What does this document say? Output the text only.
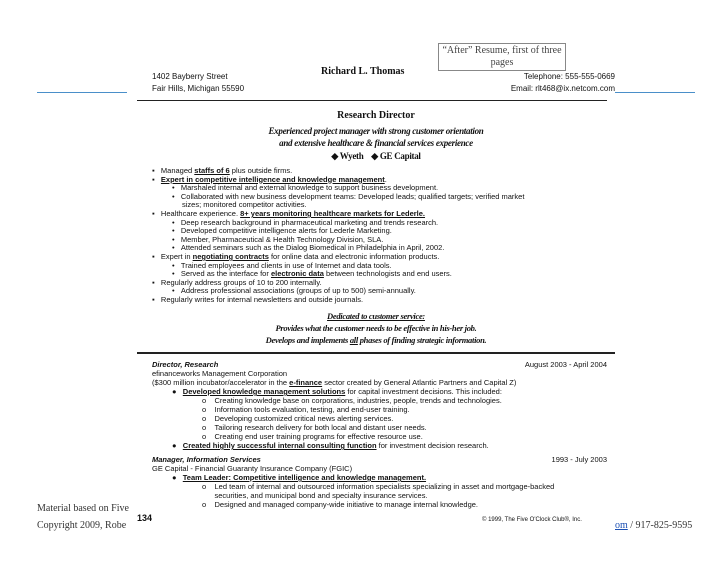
1402 Bayberry Street
Fair Hills, Michigan 55590
Richard L. Thomas	Telephone: 555-555-0669
Email: rlt468@ix.netcom.com
Research Director
Experienced project manager with strong customer orientation
and extensive healthcare & financial services experience
◆ Wyeth ◆ GE Capital
▪   Managed staffs of 6 plus outside firms.
▪   Expert in competitive intelligence and knowledge management.
•   Marshaled internal and external knowledge to support business development.
•   Collaborated with new business development teams: Developed leads; qualified targets; verified market
sizes; monitored competitor activities.
▪   Healthcare experience. 8+ years monitoring healthcare markets for Lederle.
•   Deep research background in pharmaceutical marketing and trends research.
•   Developed competitive intelligence alerts for Lederle Marketing.
•   Member, Pharmaceutical & Health Technology Division, SLA.
•   Attended seminars such as the Dialog Biomedical in Philadelphia in April, 2002.
▪   Expert in negotiating contracts for online data and electronic information products.
•   Trained employees and clients in use of Internet and data tools.
•   Served as the interface for electronic data between technologists and end users.
▪   Regularly address groups of 10 to 200 internally.
•   Address professional associations (groups of up to 500) semi-annually.
▪   Regularly writes for internal newsletters and outside journals.
Dedicated to customer service:
Provides what the customer needs to be effective in his-her job.
Develops and implements all phases of finding strategic information.
Director, Research	August 2003 - April 2004
efinanceworks Management Corporation
($300 million incubator/accelerator in the e-finance sector created by General Atlantic Partners and Capital Z)
●   Developed knowledge management solutions for capital investment decisions. This included:
o    Creating knowledge base on corporations, industries, people, trends and technologies.
o    Information tools evaluation, testing, and end-user training.
o    Developing customized critical news alerting services.
o    Tailoring research delivery for both local and distant user needs.
o    Creating end user training programs for effective resource use.
●   Created highly successful internal consulting function for investment decision research.
Manager, Information Services	1993 - July 2003
GE Capital - Financial Guaranty Insurance Company (FGIC)
●   Team Leader: Competitive intelligence and knowledge management.
o    Led team of internal and outsourced information specialists specializing in asset and mortgage-backed
securities, and municipal bond and specialty insurance services.
o    Designed and managed company-wide initiative to manage internal knowledge.
134	© 1999, The Five O'Clock Club®, Inc.
“After” Resume, first of three pages
Material based on Five
Copyright 2009, Robe	om / 917-825-9595
